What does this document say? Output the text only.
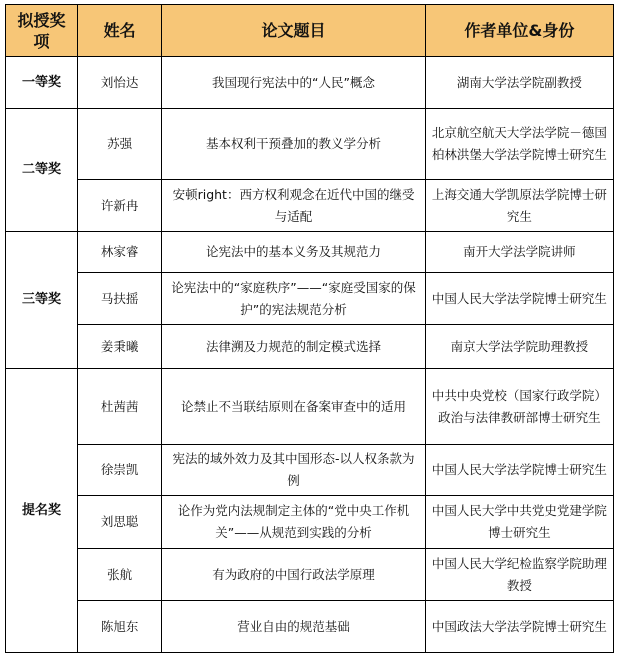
拟授奖项	姓名	论文题目	作者单位&身份
一等奖	刘怡达	我国现行宪法中的“人民”概念	湖南大学法学院副教授
二等奖	苏强	基本权利干预叠加的教义学分析	北京航空航天大学法学院－德国柏林洪堡大学法学院博士研究生
	许新冉	安顿right：西方权利观念在近代中国的继受与适配	上海交通大学凯原法学院博士研究生
三等奖	林家睿	论宪法中的基本义务及其规范力	南开大学法学院讲师
	马扶摇	论宪法中的“家庭秩序”——“家庭受国家的保护”的宪法规范分析	中国人民大学法学院博士研究生
	姜秉曦	法律溯及力规范的制定模式选择	南京大学法学院助理教授
提名奖	杜茜茜	论禁止不当联结原则在备案审查中的适用	中共中央党校（国家行政学院）政治与法律教研部博士研究生
	徐崇凯	宪法的域外效力及其中国形态-以人权条款为例	中国人民大学法学院博士研究生
	刘思聪	论作为党内法规制定主体的“党中央工作机关”——从规范到实践的分析	中国人民大学中共党史党建学院博士研究生
	张航	有为政府的中国行政法学原理	中国人民大学纪检监察学院助理教授
	陈旭东	营业自由的规范基础	中国政法大学法学院博士研究生
